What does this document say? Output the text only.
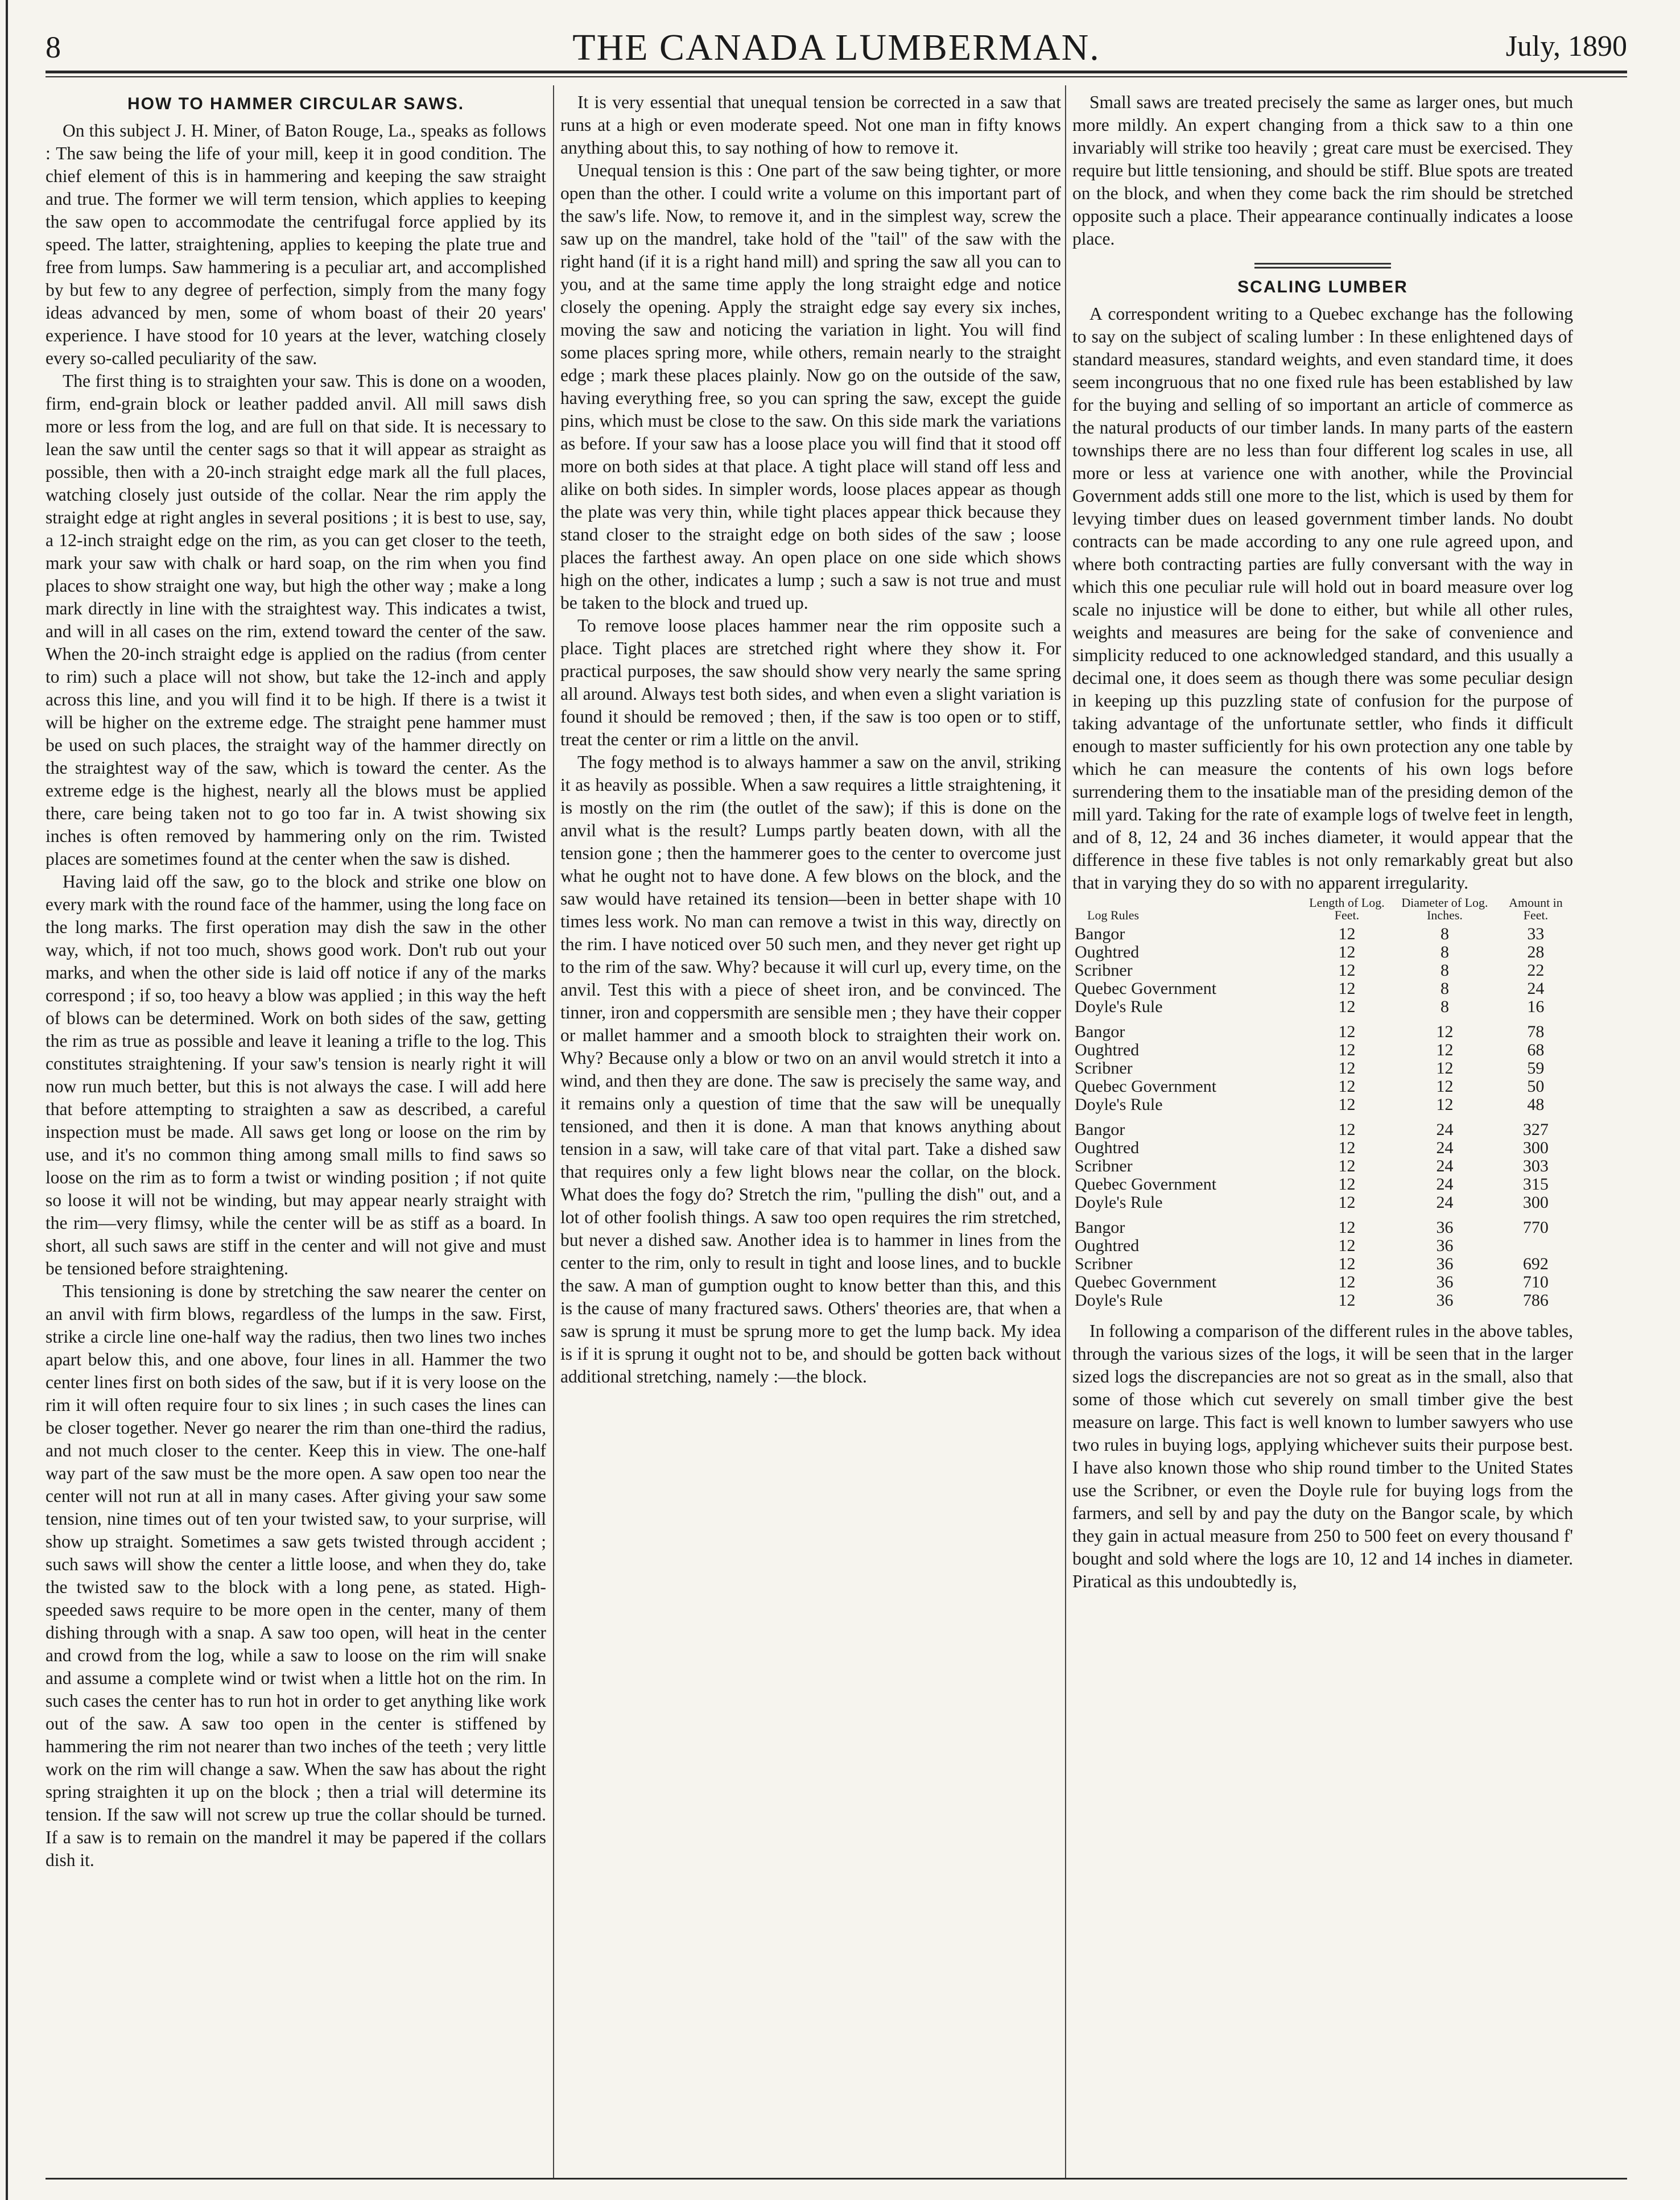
8	THE CANADA LUMBERMAN.	July, 1890
HOW TO HAMMER CIRCULAR SAWS.

On this subject J. H. Miner, of Baton Rouge, La., speaks as follows : The saw being the life of your mill, keep it in good condition. The chief element of this is in hammering and keeping the saw straight and true. The former we will term tension, which applies to keeping the saw open to accommodate the centrifugal force applied by its speed. The latter, straightening, applies to keeping the plate true and free from lumps. Saw hammering is a peculiar art, and accomplished by but few to any degree of perfection, simply from the many fogy ideas advanced by men, some of whom boast of their 20 years' experience. I have stood for 10 years at the lever, watching closely every so-called peculiarity of the saw.

The first thing is to straighten your saw. This is done on a wooden, firm, end-grain block or leather padded anvil. All mill saws dish more or less from the log, and are full on that side. It is necessary to lean the saw until the center sags so that it will appear as straight as possible, then with a 20-inch straight edge mark all the full places, watching closely just outside of the collar. Near the rim apply the straight edge at right angles in several positions ; it is best to use, say, a 12-inch straight edge on the rim, as you can get closer to the teeth, mark your saw with chalk or hard soap, on the rim when you find places to show straight one way, but high the other way ; make a long mark directly in line with the straightest way. This indicates a twist, and will in all cases on the rim, extend toward the center of the saw. When the 20-inch straight edge is applied on the radius (from center to rim) such a place will not show, but take the 12-inch and apply across this line, and you will find it to be high. If there is a twist it will be higher on the extreme edge. The straight pene hammer must be used on such places, the straight way of the hammer directly on the straightest way of the saw, which is toward the center. As the extreme edge is the highest, nearly all the blows must be applied there, care being taken not to go too far in. A twist showing six inches is often removed by hammering only on the rim. Twisted places are sometimes found at the center when the saw is dished.

Having laid off the saw, go to the block and strike one blow on every mark with the round face of the hammer, using the long face on the long marks. The first operation may dish the saw in the other way, which, if not too much, shows good work. Don't rub out your marks, and when the other side is laid off notice if any of the marks correspond ; if so, too heavy a blow was applied ; in this way the heft of blows can be determined. Work on both sides of the saw, getting the rim as true as possible and leave it leaning a trifle to the log. This constitutes straightening. If your saw's tension is nearly right it will now run much better, but this is not always the case. I will add here that before attempting to straighten a saw as described, a careful inspection must be made. All saws get long or loose on the rim by use, and it's no common thing among small mills to find saws so loose on the rim as to form a twist or winding position ; if not quite so loose it will not be winding, but may appear nearly straight with the rim—very flimsy, while the center will be as stiff as a board. In short, all such saws are stiff in the center and will not give and must be tensioned before straightening.

This tensioning is done by stretching the saw nearer the center on an anvil with firm blows, regardless of the lumps in the saw. First, strike a circle line one-half way the radius, then two lines two inches apart below this, and one above, four lines in all. Hammer the two center lines first on both sides of the saw, but if it is very loose on the rim it will often require four to six lines ; in such cases the lines can be closer together. Never go nearer the rim than one-third the radius, and not much closer to the center. Keep this in view. The one-half way part of the saw must be the more open. A saw open too near the center will not run at all in many cases. After giving your saw some tension, nine times out of ten your twisted saw, to your surprise, will show up straight. Sometimes a saw gets twisted through accident ; such saws will show the center a little loose, and when they do, take the twisted saw to the block with a long pene, as stated. High-speeded saws require to be more open in the center, many of them dishing through with a snap. A saw too open, will heat in the center and crowd from the log, while a saw to loose on the rim will snake and assume a complete wind or twist when a little hot on the rim. In such cases the center has to run hot in order to get anything like work out of the saw. A saw too open in the center is stiffened by hammering the rim not nearer than two inches of the teeth ; very little work on the rim will change a saw. When the saw has about the right spring straighten it up on the block ; then a trial will determine its tension. If the saw will not screw up true the collar should be turned. If a saw is to remain on the mandrel it may be papered if the collars dish it.

It is very essential that unequal tension be corrected in a saw that runs at a high or even moderate speed. Not one man in fifty knows anything about this, to say nothing of how to remove it.

Unequal tension is this : One part of the saw being tighter, or more open than the other. I could write a volume on this important part of the saw's life. Now, to remove it, and in the simplest way, screw the saw up on the mandrel, take hold of the "tail" of the saw with the right hand (if it is a right hand mill) and spring the saw all you can to you, and at the same time apply the long straight edge and notice closely the opening. Apply the straight edge say every six inches, moving the saw and noticing the variation in light. You will find some places spring more, while others, remain nearly to the straight edge ; mark these places plainly. Now go on the outside of the saw, having everything free, so you can spring the saw, except the guide pins, which must be close to the saw. On this side mark the variations as before. If your saw has a loose place you will find that it stood off more on both sides at that place. A tight place will stand off less and alike on both sides. In simpler words, loose places appear as though the plate was very thin, while tight places appear thick because they stand closer to the straight edge on both sides of the saw ; loose places the farthest away. An open place on one side which shows high on the other, indicates a lump ; such a saw is not true and must be taken to the block and trued up.

To remove loose places hammer near the rim opposite such a place. Tight places are stretched right where they show it. For practical purposes, the saw should show very nearly the same spring all around. Always test both sides, and when even a slight variation is found it should be removed ; then, if the saw is too open or to stiff, treat the center or rim a little on the anvil.

The fogy method is to always hammer a saw on the anvil, striking it as heavily as possible. When a saw requires a little straightening, it is mostly on the rim (the outlet of the saw); if this is done on the anvil what is the result? Lumps partly beaten down, with all the tension gone ; then the hammerer goes to the center to overcome just what he ought not to have done. A few blows on the block, and the saw would have retained its tension—been in better shape with 10 times less work. No man can remove a twist in this way, directly on the rim. I have noticed over 50 such men, and they never get right up to the rim of the saw. Why? because it will curl up, every time, on the anvil. Test this with a piece of sheet iron, and be convinced. The tinner, iron and coppersmith are sensible men ; they have their copper or mallet hammer and a smooth block to straighten their work on. Why? Because only a blow or two on an anvil would stretch it into a wind, and then they are done. The saw is precisely the same way, and it remains only a question of time that the saw will be unequally tensioned, and then it is done. A man that knows anything about tension in a saw, will take care of that vital part. Take a dished saw that requires only a few light blows near the collar, on the block. What does the fogy do? Stretch the rim, "pulling the dish" out, and a lot of other foolish things. A saw too open requires the rim stretched, but never a dished saw. Another idea is to hammer in lines from the center to the rim, only to result in tight and loose lines, and to buckle the saw. A man of gumption ought to know better than this, and this is the cause of many fractured saws. Others' theories are, that when a saw is sprung it must be sprung more to get the lump back. My idea is if it is sprung it ought not to be, and should be gotten back without additional stretching, namely :—the block.

Small saws are treated precisely the same as larger ones, but much more mildly. An expert changing from a thick saw to a thin one invariably will strike too heavily ; great care must be exercised. They require but little tensioning, and should be stiff. Blue spots are treated on the block, and when they come back the rim should be stretched opposite such a place. Their appearance continually indicates a loose place.

SCALING LUMBER

A correspondent writing to a Quebec exchange has the following to say on the subject of scaling lumber : In these enlightened days of standard measures, standard weights, and even standard time, it does seem incongruous that no one fixed rule has been established by law for the buying and selling of so important an article of commerce as the natural products of our timber lands. In many parts of the eastern townships there are no less than four different log scales in use, all more or less at varience one with another, while the Provincial Government adds still one more to the list, which is used by them for levying timber dues on leased government timber lands. No doubt contracts can be made according to any one rule agreed upon, and where both contracting parties are fully conversant with the way in which this one peculiar rule will hold out in board measure over log scale no injustice will be done to either, but while all other rules, weights and measures are being for the sake of convenience and simplicity reduced to one acknowledged standard, and this usually a decimal one, it does seem as though there was some peculiar design in keeping up this puzzling state of confusion for the purpose of taking advantage of the unfortunate settler, who finds it difficult enough to master sufficiently for his own protection any one table by which he can measure the contents of his own logs before surrendering them to the insatiable man of the presiding demon of the mill yard. Taking for the rate of example logs of twelve feet in length, and of 8, 12, 24 and 36 inches diameter, it would appear that the difference in these five tables is not only remarkably great but also that in varying they do so with no apparent irregularity.

Log Rules	Length of Log. Feet.	Diameter of Log. Inches.	Amount in Feet.
Bangor	12	8	33
Oughtred	12	8	28
Scribner	12	8	22
Quebec Government	12	8	24
Doyle's Rule	12	8	16
Bangor	12	12	78
Oughtred	12	12	68
Scribner	12	12	59
Quebec Government	12	12	50
Doyle's Rule	12	12	48
Bangor	12	24	327
Oughtred	12	24	300
Scribner	12	24	303
Quebec Government	12	24	315
Doyle's Rule	12	24	300
Bangor	12	36	770
Oughtred	12	36	
Scribner	12	36	692
Quebec Government	12	36	710
Doyle's Rule	12	36	786

In following a comparison of the different rules in the above tables, through the various sizes of the logs, it will be seen that in the larger sized logs the discrepancies are not so great as in the small, also that some of those which cut severely on small timber give the best measure on large. This fact is well known to lumber sawyers who use two rules in buying logs, applying whichever suits their purpose best. I have also known those who ship round timber to the United States use the Scribner, or even the Doyle rule for buying logs from the farmers, and sell by and pay the duty on the Bangor scale, by which they gain in actual measure from 250 to 500 feet on every thousand f' bought and sold where the logs are 10, 12 and 14 inches in diameter. Piratical as this undoubtedly is,
